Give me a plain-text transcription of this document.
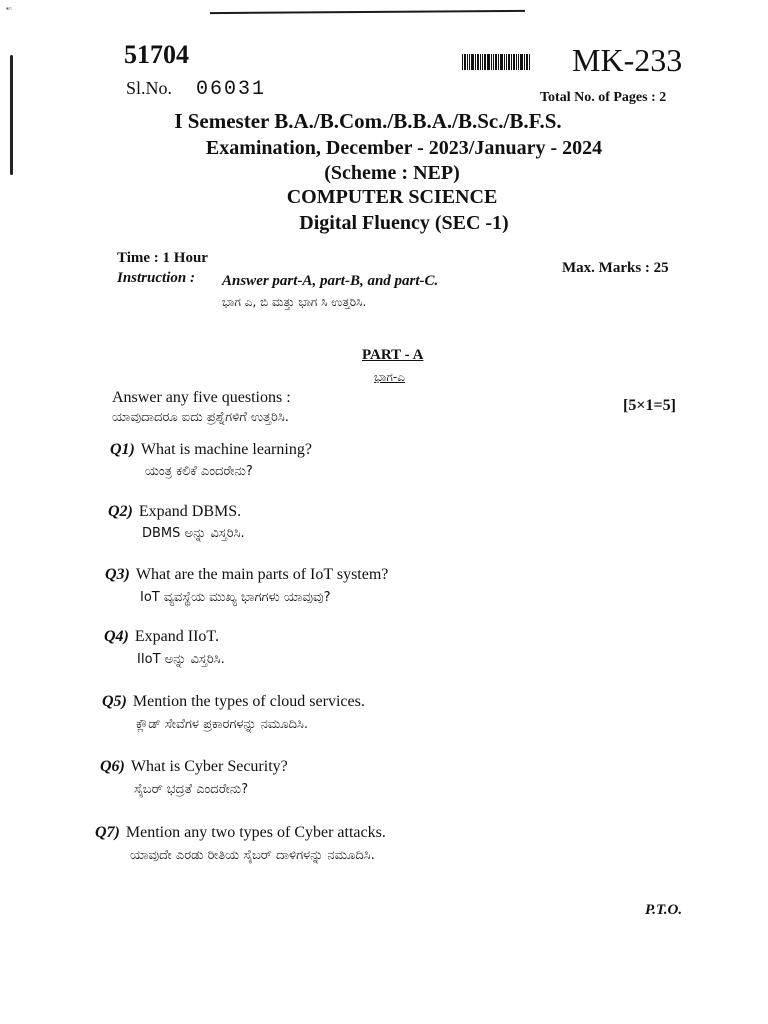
▪▫
51704
Sl.No. 06031
MK-233
Total No. of Pages : 2
I Semester B.A./B.Com./B.B.A./B.Sc./B.F.S.
Examination, December - 2023/January - 2024
(Scheme : NEP)
COMPUTER SCIENCE
Digital Fluency (SEC -1)
Time : 1 Hour
Max. Marks : 25
Instruction : Answer part-A, part-B, and part-C.
ಭಾಗ ಎ, ಬಿ ಮತ್ತು ಭಾಗ ಸಿ ಉತ್ತರಿಸಿ.
PART - A
ಭಾಗ-ಎ
Answer any five questions :
ಯಾವುದಾದರೂ ಐದು ಪ್ರಶ್ನೆಗಳಿಗೆ ಉತ್ತರಿಸಿ.
[5×1=5]
Q1) What is machine learning?
ಯಂತ್ರ ಕಲಿಕೆ ಎಂದರೇನು?
Q2) Expand DBMS.
DBMS ಅನ್ನು ವಿಸ್ತರಿಸಿ.
Q3) What are the main parts of IoT system?
IoT ವ್ಯವಸ್ಥೆಯ ಮುಖ್ಯ ಭಾಗಗಳು ಯಾವುವು?
Q4) Expand IIoT.
IIoT ಅನ್ನು ವಿಸ್ತರಿಸಿ.
Q5) Mention the types of cloud services.
ಕ್ಲೌಡ್ ಸೇವೆಗಳ ಪ್ರಕಾರಗಳನ್ನು ನಮೂದಿಸಿ.
Q6) What is Cyber Security?
ಸೈಬರ್ ಭದ್ರತೆ ಎಂದರೇನು?
Q7) Mention any two types of Cyber attacks.
ಯಾವುದೇ ಎರಡು ರೀತಿಯ ಸೈಬರ್ ದಾಳಿಗಳನ್ನು ನಮೂದಿಸಿ.
P.T.O.
